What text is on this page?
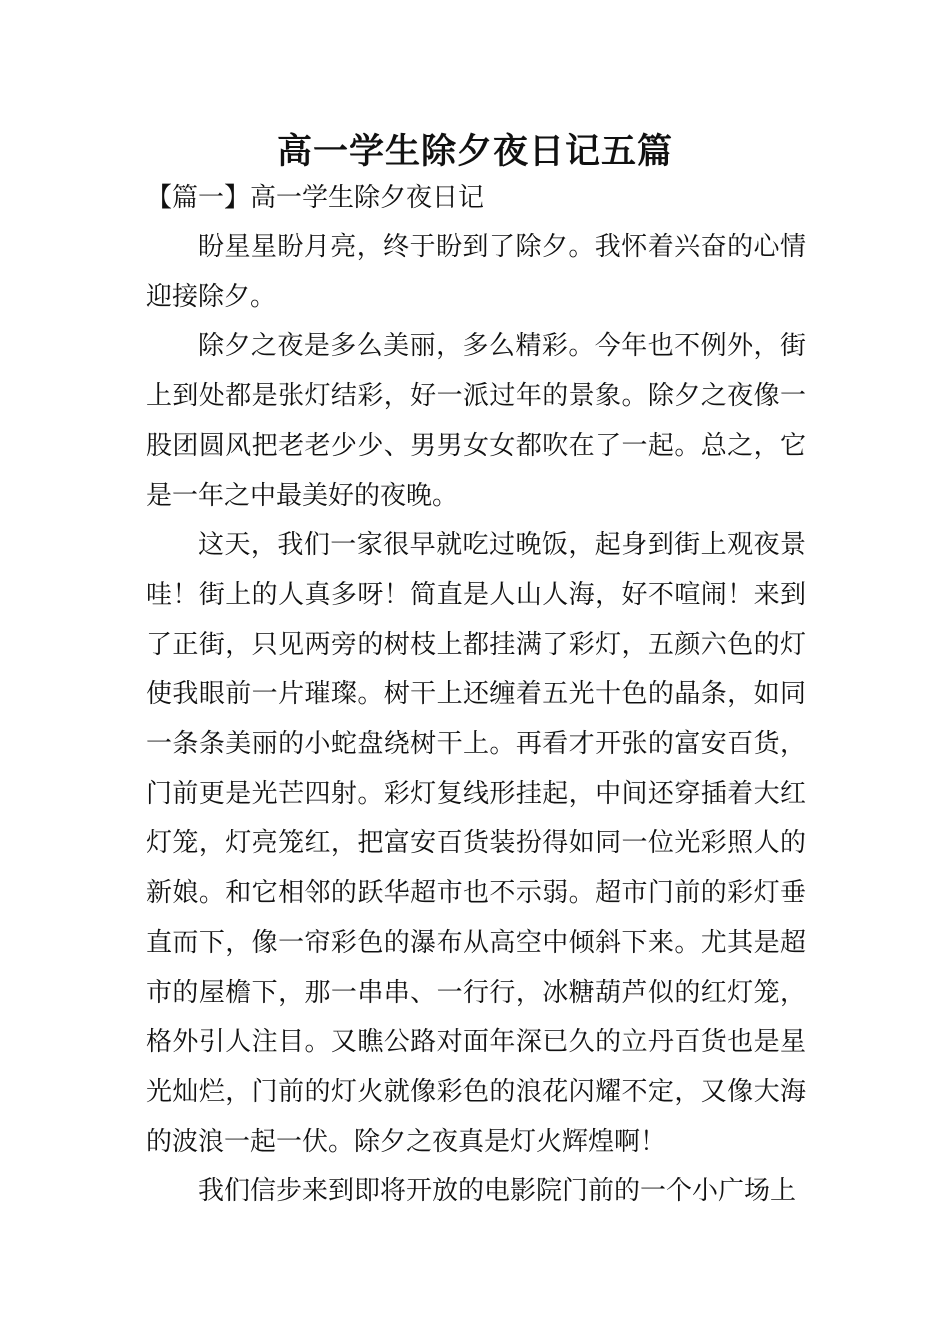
高一学生除夕夜日记五篇
【篇一】高一学生除夕夜日记

盼星星盼月亮，终于盼到了除夕。我怀着兴奋的心情迎接除夕。

除夕之夜是多么美丽，多么精彩。今年也不例外，街上到处都是张灯结彩，好一派过年的景象。除夕之夜像一股团圆风把老老少少、男男女女都吹在了一起。总之，它是一年之中最美好的夜晚。

这天，我们一家很早就吃过晚饭，起身到街上观夜景哇！街上的人真多呀！简直是人山人海，好不喧闹！来到了正街，只见两旁的树枝上都挂满了彩灯，五颜六色的灯使我眼前一片璀璨。树干上还缠着五光十色的晶条，如同一条条美丽的小蛇盘绕树干上。再看才开张的富安百货，门前更是光芒四射。彩灯复线形挂起，中间还穿插着大红灯笼，灯亮笼红，把富安百货装扮得如同一位光彩照人的新娘。和它相邻的跃华超市也不示弱。超市门前的彩灯垂直而下，像一帘彩色的瀑布从高空中倾斜下来。尤其是超市的屋檐下，那一串串、一行行，冰糖葫芦似的红灯笼，格外引人注目。又瞧公路对面年深已久的立丹百货也是星光灿烂，门前的灯火就像彩色的浪花闪耀不定，又像大海的波浪一起一伏。除夕之夜真是灯火辉煌啊！

我们信步来到即将开放的电影院门前的一个小广场上
